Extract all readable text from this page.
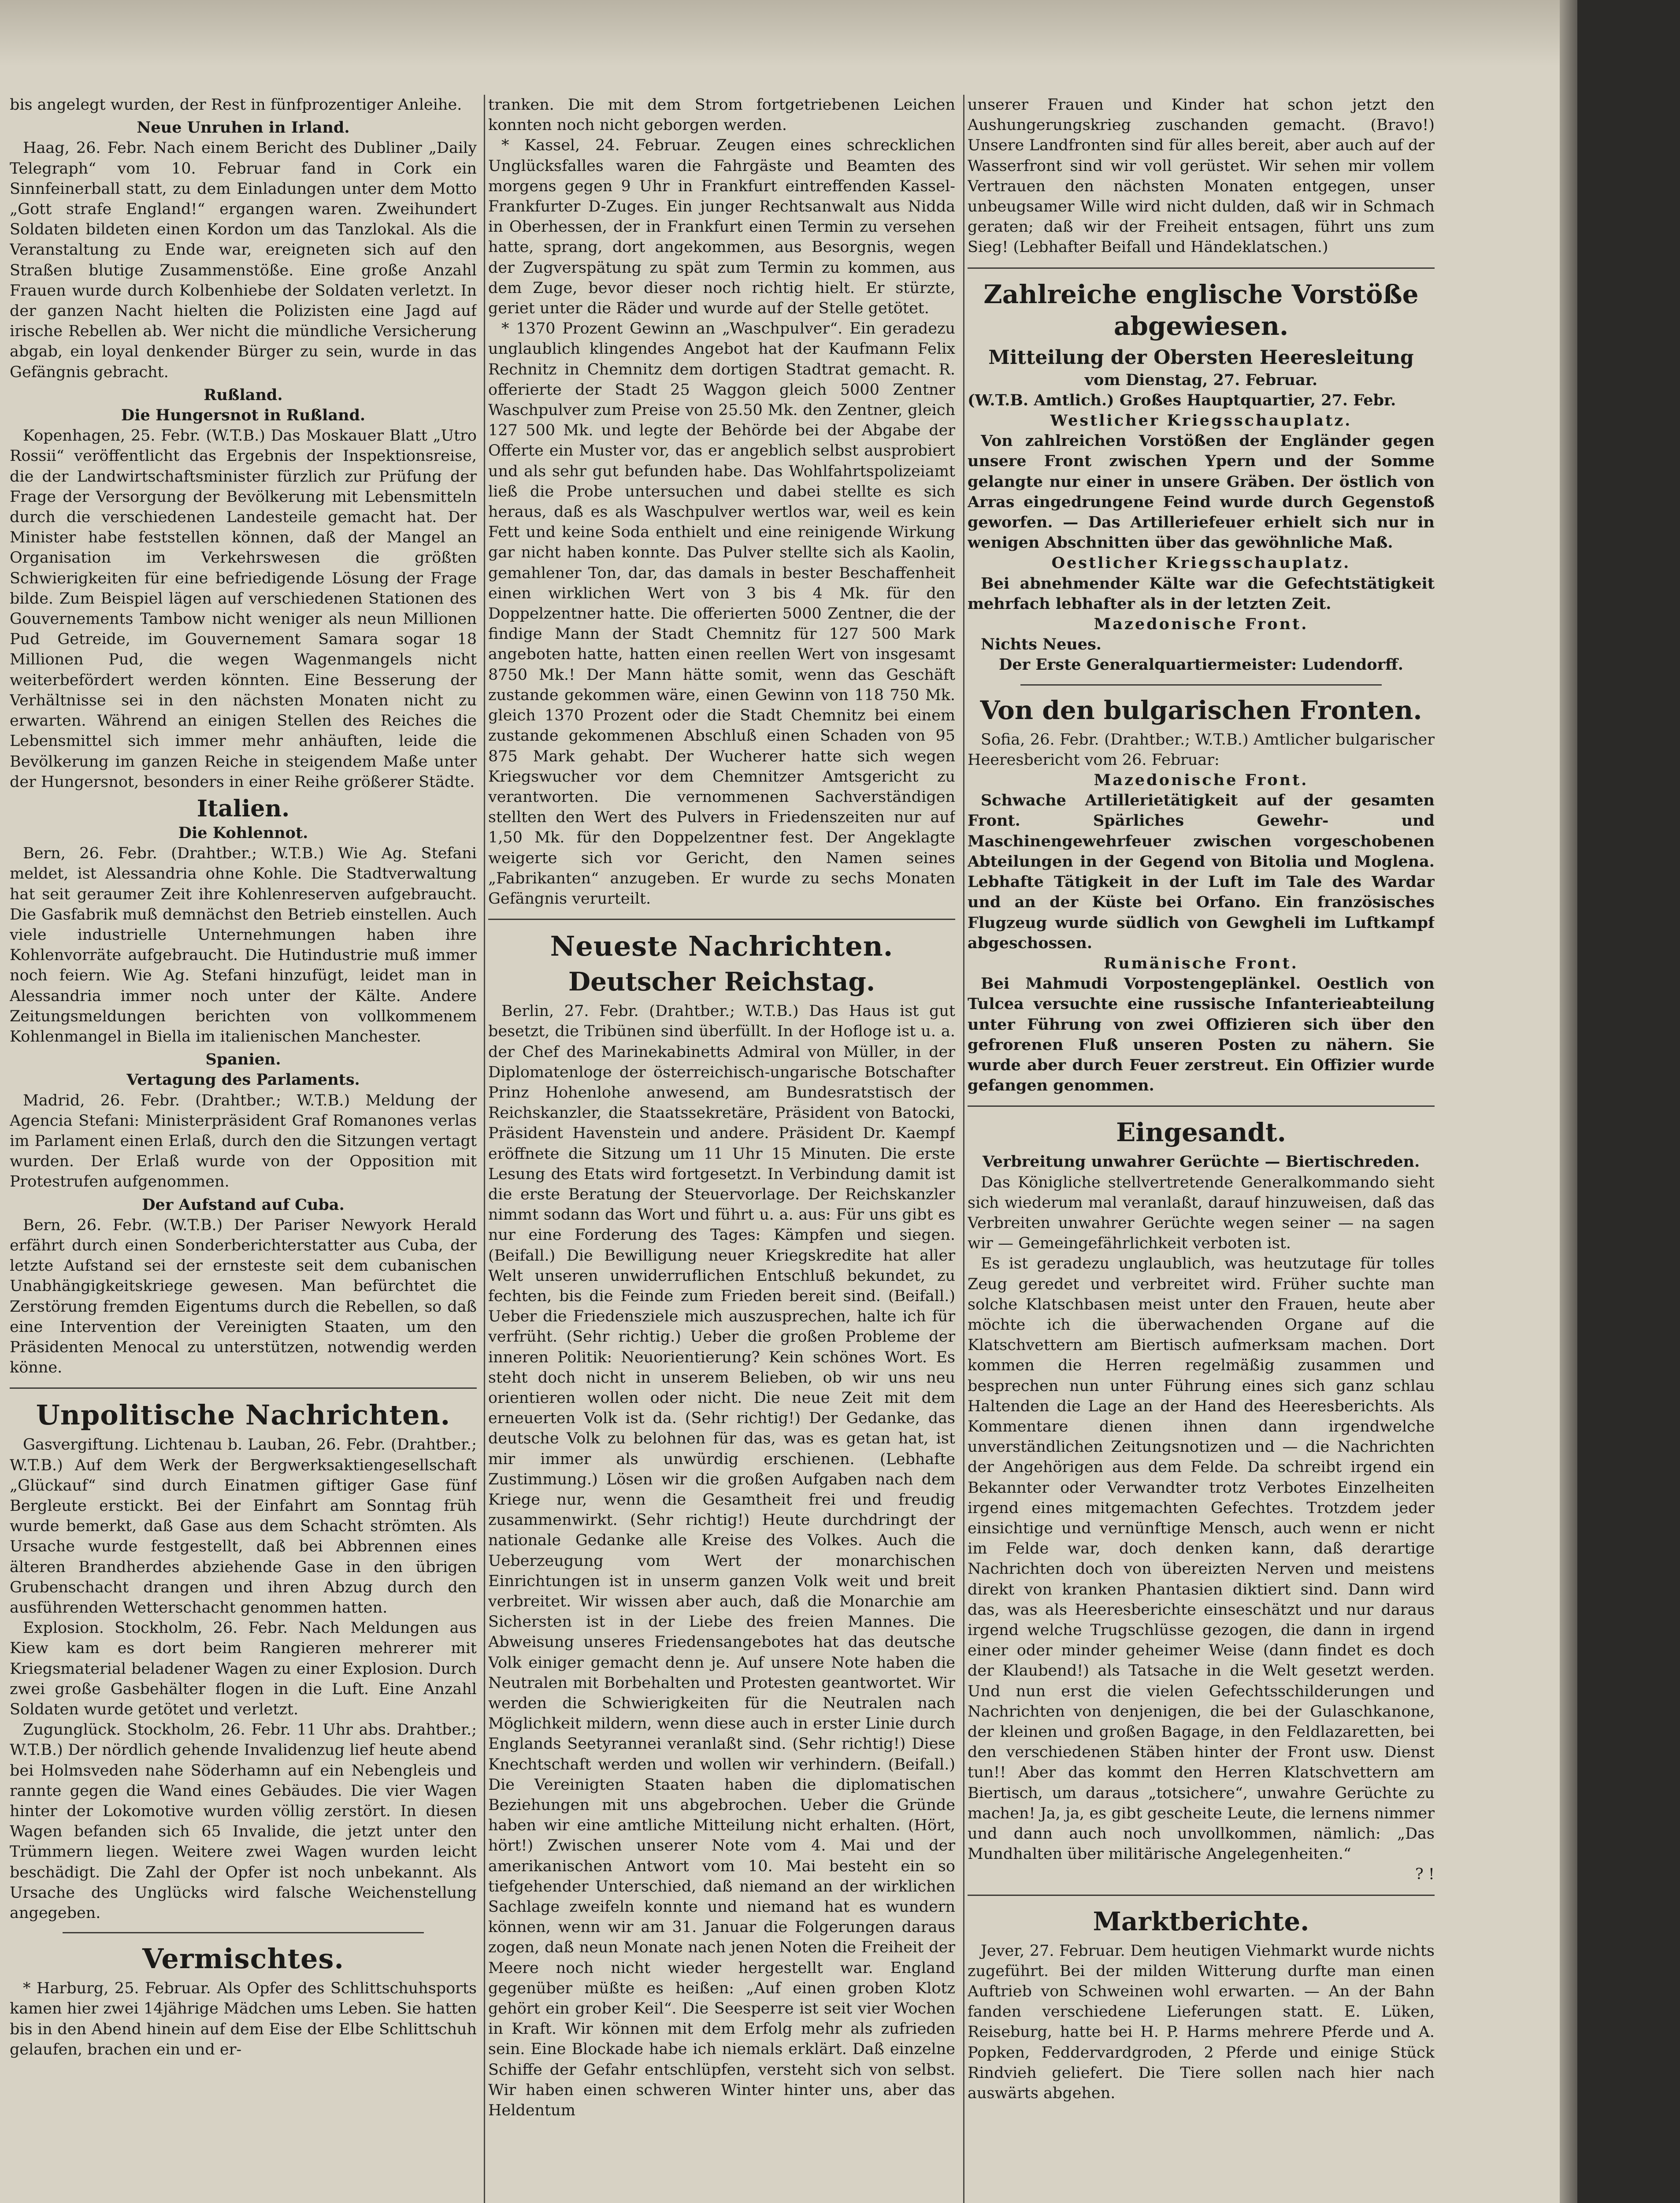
bis angelegt wurden, der Rest in fünfprozentiger Anleihe.

Neue Unruhen in Irland.

Haag, 26. Febr. Nach einem Bericht des Dubliner „Daily Telegraph“ vom 10. Februar fand in Cork ein Sinnfeinerball statt, zu dem Einladungen unter dem Motto „Gott strafe England!“ ergangen waren. Zweihundert Soldaten bildeten einen Kordon um das Tanzlokal. Als die Veranstaltung zu Ende war, ereigneten sich auf den Straßen blutige Zusammenstöße. Eine große Anzahl Frauen wurde durch Kolbenhiebe der Soldaten verletzt. In der ganzen Nacht hielten die Polizisten eine Jagd auf irische Rebellen ab. Wer nicht die mündliche Versicherung abgab, ein loyal denkender Bürger zu sein, wurde in das Gefängnis gebracht.

Rußland.

Die Hungersnot in Rußland.

Kopenhagen, 25. Febr. (W.T.B.) Das Moskauer Blatt „Utro Rossii“ veröffentlicht das Ergebnis der Inspektionsreise, die der Landwirtschaftsminister fürzlich zur Prüfung der Frage der Versorgung der Bevölkerung mit Lebensmitteln durch die verschiedenen Landesteile gemacht hat. Der Minister habe feststellen können, daß der Mangel an Organisation im Verkehrswesen die größten Schwierigkeiten für eine befriedigende Lösung der Frage bilde. Zum Beispiel lägen auf verschiedenen Stationen des Gouvernements Tambow nicht weniger als neun Millionen Pud Getreide, im Gouvernement Samara sogar 18 Millionen Pud, die wegen Wagenmangels nicht weiterbefördert werden könnten. Eine Besserung der Verhältnisse sei in den nächsten Monaten nicht zu erwarten. Während an einigen Stellen des Reiches die Lebensmittel sich immer mehr anhäuften, leide die Bevölkerung im ganzen Reiche in steigendem Maße unter der Hungersnot, besonders in einer Reihe größerer Städte.

Italien.

Die Kohlennot.

Bern, 26. Febr. (Drahtber.; W.T.B.) Wie Ag. Stefani meldet, ist Alessandria ohne Kohle. Die Stadtverwaltung hat seit geraumer Zeit ihre Kohlenreserven aufgebraucht. Die Gasfabrik muß demnächst den Betrieb einstellen. Auch viele industrielle Unternehmungen haben ihre Kohlenvorräte aufgebraucht. Die Hutindustrie muß immer noch feiern. Wie Ag. Stefani hinzufügt, leidet man in Alessandria immer noch unter der Kälte. Andere Zeitungsmeldungen berichten von vollkommenem Kohlenmangel in Biella im italienischen Manchester.

Spanien.

Vertagung des Parlaments.

Madrid, 26. Febr. (Drahtber.; W.T.B.) Meldung der Agencia Stefani: Ministerpräsident Graf Romanones verlas im Parlament einen Erlaß, durch den die Sitzungen vertagt wurden. Der Erlaß wurde von der Opposition mit Protestrufen aufgenommen.

Der Aufstand auf Cuba.

Bern, 26. Febr. (W.T.B.) Der Pariser Newyork Herald erfährt durch einen Sonderberichterstatter aus Cuba, der letzte Aufstand sei der ernsteste seit dem cubanischen Unabhängigkeitskriege gewesen. Man befürchtet die Zerstörung fremden Eigentums durch die Rebellen, so daß eine Intervention der Vereinigten Staaten, um den Präsidenten Menocal zu unterstützen, notwendig werden könne.

Unpolitische Nachrichten.

Gasvergiftung. Lichtenau b. Lauban, 26. Febr. (Drahtber.; W.T.B.) Auf dem Werk der Bergwerksaktiengesellschaft „Glückauf“ sind durch Einatmen giftiger Gase fünf Bergleute erstickt. Bei der Einfahrt am Sonntag früh wurde bemerkt, daß Gase aus dem Schacht strömten. Als Ursache wurde festgestellt, daß bei Abbrennen eines älteren Brandherdes abziehende Gase in den übrigen Grubenschacht drangen und ihren Abzug durch den ausführenden Wetterschacht genommen hatten.

Explosion. Stockholm, 26. Febr. Nach Meldungen aus Kiew kam es dort beim Rangieren mehrerer mit Kriegsmaterial beladener Wagen zu einer Explosion. Durch zwei große Gasbehälter flogen in die Luft. Eine Anzahl Soldaten wurde getötet und verletzt.

Zugunglück. Stockholm, 26. Febr. 11 Uhr abs. Drahtber.; W.T.B.) Der nördlich gehende Invalidenzug lief heute abend bei Holmsveden nahe Söderhamn auf ein Nebengleis und rannte gegen die Wand eines Gebäudes. Die vier Wagen hinter der Lokomotive wurden völlig zerstört. In diesen Wagen befanden sich 65 Invalide, die jetzt unter den Trümmern liegen. Weitere zwei Wagen wurden leicht beschädigt. Die Zahl der Opfer ist noch unbekannt. Als Ursache des Unglücks wird falsche Weichenstellung angegeben.

Vermischtes.

* Harburg, 25. Februar. Als Opfer des Schlittschuhsports kamen hier zwei 14jährige Mädchen ums Leben. Sie hatten bis in den Abend hinein auf dem Eise der Elbe Schlittschuh gelaufen, brachen ein und er-

tranken. Die mit dem Strom fortgetriebenen Leichen konnten noch nicht geborgen werden.

* Kassel, 24. Februar. Zeugen eines schrecklichen Unglücksfalles waren die Fahrgäste und Beamten des morgens gegen 9 Uhr in Frankfurt eintreffenden Kassel-Frankfurter D-Zuges. Ein junger Rechtsanwalt aus Nidda in Oberhessen, der in Frankfurt einen Termin zu versehen hatte, sprang, dort angekommen, aus Besorgnis, wegen der Zugverspätung zu spät zum Termin zu kommen, aus dem Zuge, bevor dieser noch richtig hielt. Er stürzte, geriet unter die Räder und wurde auf der Stelle getötet.

* 1370 Prozent Gewinn an „Waschpulver“. Ein geradezu unglaublich klingendes Angebot hat der Kaufmann Felix Rechnitz in Chemnitz dem dortigen Stadtrat gemacht. R. offerierte der Stadt 25 Waggon gleich 5000 Zentner Waschpulver zum Preise von 25.50 Mk. den Zentner, gleich 127 500 Mk. und legte der Behörde bei der Abgabe der Offerte ein Muster vor, das er angeblich selbst ausprobiert und als sehr gut befunden habe. Das Wohlfahrtspolizeiamt ließ die Probe untersuchen und dabei stellte es sich heraus, daß es als Waschpulver wertlos war, weil es kein Fett und keine Soda enthielt und eine reinigende Wirkung gar nicht haben konnte. Das Pulver stellte sich als Kaolin, gemahlener Ton, dar, das damals in bester Beschaffenheit einen wirklichen Wert von 3 bis 4 Mk. für den Doppelzentner hatte. Die offerierten 5000 Zentner, die der findige Mann der Stadt Chemnitz für 127 500 Mark angeboten hatte, hatten einen reellen Wert von insgesamt 8750 Mk.! Der Mann hätte somit, wenn das Geschäft zustande gekommen wäre, einen Gewinn von 118 750 Mk. gleich 1370 Prozent oder die Stadt Chemnitz bei einem zustande gekommenen Abschluß einen Schaden von 95 875 Mark gehabt. Der Wucherer hatte sich wegen Kriegswucher vor dem Chemnitzer Amtsgericht zu verantworten. Die vernommenen Sachverständigen stellten den Wert des Pulvers in Friedenszeiten nur auf 1,50 Mk. für den Doppelzentner fest. Der Angeklagte weigerte sich vor Gericht, den Namen seines „Fabrikanten“ anzugeben. Er wurde zu sechs Monaten Gefängnis verurteilt.

Neueste Nachrichten.

Deutscher Reichstag.

Berlin, 27. Febr. (Drahtber.; W.T.B.) Das Haus ist gut besetzt, die Tribünen sind überfüllt. In der Hofloge ist u. a. der Chef des Marinekabinetts Admiral von Müller, in der Diplomatenloge der österreichisch-ungarische Botschafter Prinz Hohenlohe anwesend, am Bundesratstisch der Reichskanzler, die Staatssekretäre, Präsident von Batocki, Präsident Havenstein und andere. Präsident Dr. Kaempf eröffnete die Sitzung um 11 Uhr 15 Minuten. Die erste Lesung des Etats wird fortgesetzt. In Verbindung damit ist die erste Beratung der Steuervorlage. Der Reichskanzler nimmt sodann das Wort und führt u. a. aus: Für uns gibt es nur eine Forderung des Tages: Kämpfen und siegen. (Beifall.) Die Bewilligung neuer Kriegskredite hat aller Welt unseren unwiderruflichen Entschluß bekundet, zu fechten, bis die Feinde zum Frieden bereit sind. (Beifall.) Ueber die Friedensziele mich auszusprechen, halte ich für verfrüht. (Sehr richtig.) Ueber die großen Probleme der inneren Politik: Neuorientierung? Kein schönes Wort. Es steht doch nicht in unserem Belieben, ob wir uns neu orientieren wollen oder nicht. Die neue Zeit mit dem erneuerten Volk ist da. (Sehr richtig!) Der Gedanke, das deutsche Volk zu belohnen für das, was es getan hat, ist mir immer als unwürdig erschienen. (Lebhafte Zustimmung.) Lösen wir die großen Aufgaben nach dem Kriege nur, wenn die Gesamtheit frei und freudig zusammenwirkt. (Sehr richtig!) Heute durchdringt der nationale Gedanke alle Kreise des Volkes. Auch die Ueberzeugung vom Wert der monarchischen Einrichtungen ist in unserm ganzen Volk weit und breit verbreitet. Wir wissen aber auch, daß die Monarchie am Sichersten ist in der Liebe des freien Mannes. Die Abweisung unseres Friedensangebotes hat das deutsche Volk einiger gemacht denn je. Auf unsere Note haben die Neutralen mit Borbehalten und Protesten geantwortet. Wir werden die Schwierigkeiten für die Neutralen nach Möglichkeit mildern, wenn diese auch in erster Linie durch Englands Seetyrannei veranlaßt sind. (Sehr richtig!) Diese Knechtschaft werden und wollen wir verhindern. (Beifall.) Die Vereinigten Staaten haben die diplomatischen Beziehungen mit uns abgebrochen. Ueber die Gründe haben wir eine amtliche Mitteilung nicht erhalten. (Hört, hört!) Zwischen unserer Note vom 4. Mai und der amerikanischen Antwort vom 10. Mai besteht ein so tiefgehender Unterschied, daß niemand an der wirklichen Sachlage zweifeln konnte und niemand hat es wundern können, wenn wir am 31. Januar die Folgerungen daraus zogen, daß neun Monate nach jenen Noten die Freiheit der Meere noch nicht wieder hergestellt war. England gegenüber müßte es heißen: „Auf einen groben Klotz gehört ein grober Keil“. Die Seesperre ist seit vier Wochen in Kraft. Wir können mit dem Erfolg mehr als zufrieden sein. Eine Blockade habe ich niemals erklärt. Daß einzelne Schiffe der Gefahr entschlüpfen, versteht sich von selbst. Wir haben einen schweren Winter hinter uns, aber das Heldentum

unserer Frauen und Kinder hat schon jetzt den Aushungerungskrieg zuschanden gemacht. (Bravo!) Unsere Landfronten sind für alles bereit, aber auch auf der Wasserfront sind wir voll gerüstet. Wir sehen mir vollem Vertrauen den nächsten Monaten entgegen, unser unbeugsamer Wille wird nicht dulden, daß wir in Schmach geraten; daß wir der Freiheit entsagen, führt uns zum Sieg! (Lebhafter Beifall und Händeklatschen.)

Zahlreiche englische Vorstöße

abgewiesen.

Mitteilung der Obersten Heeresleitung

vom Dienstag, 27. Februar.

(W.T.B. Amtlich.) Großes Hauptquartier, 27. Febr.

Westlicher Kriegsschauplatz.

Von zahlreichen Vorstößen der Engländer gegen unsere Front zwischen Ypern und der Somme gelangte nur einer in unsere Gräben. Der östlich von Arras eingedrungene Feind wurde durch Gegenstoß geworfen. — Das Artilleriefeuer erhielt sich nur in wenigen Abschnitten über das gewöhnliche Maß.

Oestlicher Kriegsschauplatz.

Bei abnehmender Kälte war die Gefechtstätigkeit mehrfach lebhafter als in der letzten Zeit.

Mazedonische Front.

Nichts Neues.

Der Erste Generalquartiermeister: Ludendorff.

Von den bulgarischen Fronten.

Sofia, 26. Febr. (Drahtber.; W.T.B.) Amtlicher bulgarischer Heeresbericht vom 26. Februar:

Mazedonische Front.

Schwache Artillerietätigkeit auf der gesamten Front. Spärliches Gewehr- und Maschinengewehrfeuer zwischen vorgeschobenen Abteilungen in der Gegend von Bitolia und Moglena. Lebhafte Tätigkeit in der Luft im Tale des Wardar und an der Küste bei Orfano. Ein französisches Flugzeug wurde südlich von Gewgheli im Luftkampf abgeschossen.

Rumänische Front.

Bei Mahmudi Vorpostengeplänkel. Oestlich von Tulcea versuchte eine russische Infanterieabteilung unter Führung von zwei Offizieren sich über den gefrorenen Fluß unseren Posten zu nähern. Sie wurde aber durch Feuer zerstreut. Ein Offizier wurde gefangen genommen.

Eingesandt.

Verbreitung unwahrer Gerüchte — Biertischreden.

Das Königliche stellvertretende Generalkommando sieht sich wiederum mal veranlaßt, darauf hinzuweisen, daß das Verbreiten unwahrer Gerüchte wegen seiner — na sagen wir — Gemeingefährlichkeit verboten ist.

Es ist geradezu unglaublich, was heutzutage für tolles Zeug geredet und verbreitet wird. Früher suchte man solche Klatschbasen meist unter den Frauen, heute aber möchte ich die überwachenden Organe auf die Klatschvettern am Biertisch aufmerksam machen. Dort kommen die Herren regelmäßig zusammen und besprechen nun unter Führung eines sich ganz schlau Haltenden die Lage an der Hand des Heeresberichts. Als Kommentare dienen ihnen dann irgendwelche unverständlichen Zeitungsnotizen und — die Nachrichten der Angehörigen aus dem Felde. Da schreibt irgend ein Bekannter oder Verwandter trotz Verbotes Einzelheiten irgend eines mitgemachten Gefechtes. Trotzdem jeder einsichtige und vernünftige Mensch, auch wenn er nicht im Felde war, doch denken kann, daß derartige Nachrichten doch von übereizten Nerven und meistens direkt von kranken Phantasien diktiert sind. Dann wird das, was als Heeresberichte einseschätzt und nur daraus irgend welche Trugschlüsse gezogen, die dann in irgend einer oder minder geheimer Weise (dann findet es doch der Klaubend!) als Tatsache in die Welt gesetzt werden. Und nun erst die vielen Gefechtsschilderungen und Nachrichten von denjenigen, die bei der Gulaschkanone, der kleinen und großen Bagage, in den Feldlazaretten, bei den verschiedenen Stäben hinter der Front usw. Dienst tun!! Aber das kommt den Herren Klatschvettern am Biertisch, um daraus „totsichere“, unwahre Gerüchte zu machen! Ja, ja, es gibt gescheite Leute, die lernens nimmer und dann auch noch unvollkommen, nämlich: „Das Mundhalten über militärische Angelegenheiten.“

? !

Marktberichte.

Jever, 27. Februar. Dem heutigen Viehmarkt wurde nichts zugeführt. Bei der milden Witterung durfte man einen Auftrieb von Schweinen wohl erwarten. — An der Bahn fanden verschiedene Lieferungen statt. E. Lüken, Reiseburg, hatte bei H. P. Harms mehrere Pferde und A. Popken, Feddervardgroden, 2 Pferde und einige Stück Rindvieh geliefert. Die Tiere sollen nach hier nach auswärts abgehen.
